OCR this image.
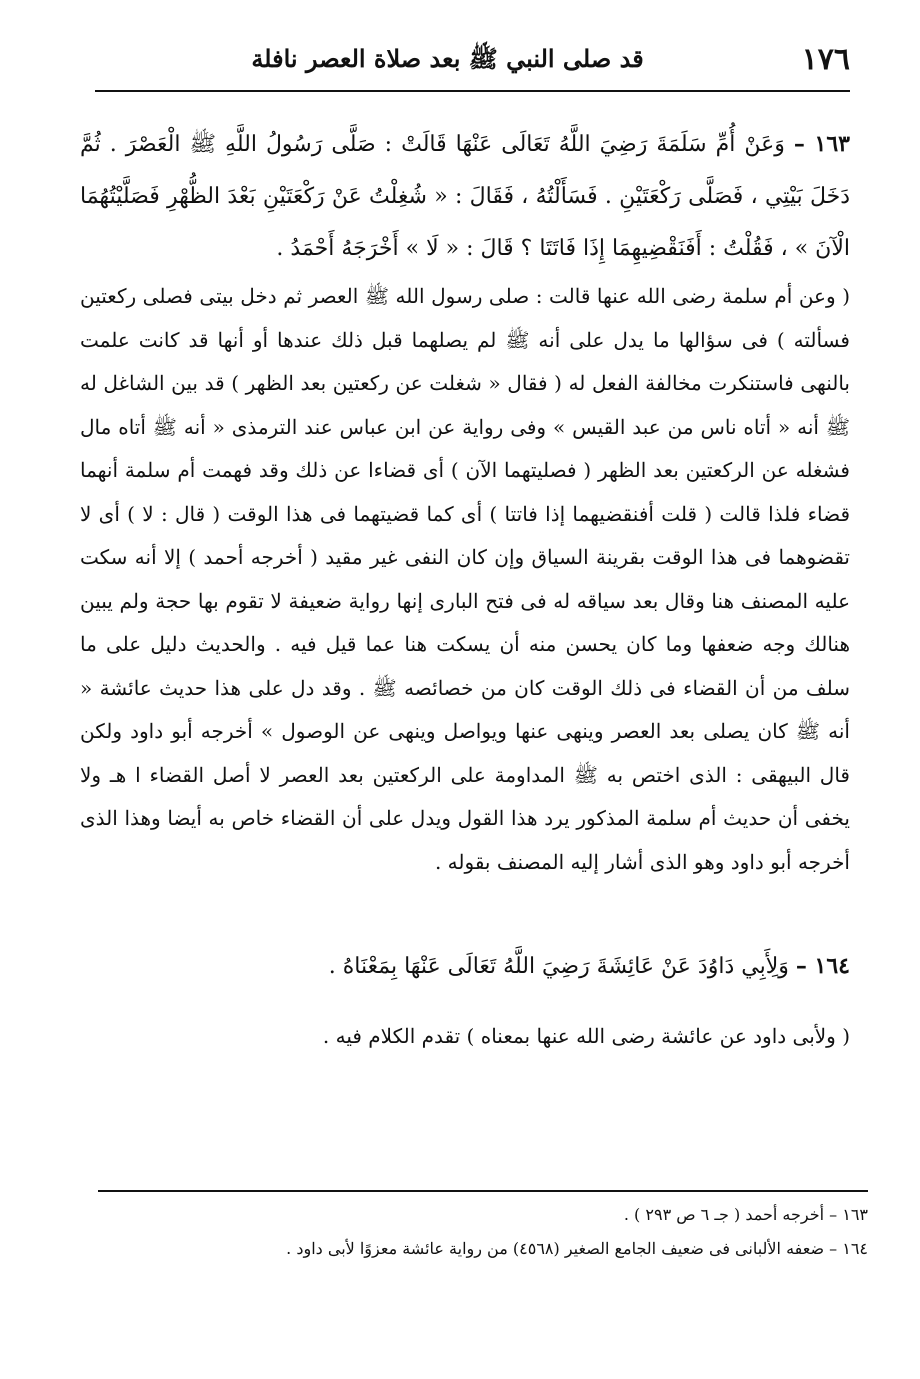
١٧٦
قد صلى النبي ﷺ بعد صلاة العصر نافلة
١٦٣ – وَعَنْ أُمِّ سَلَمَةَ رَضِيَ اللَّهُ تَعَالَى عَنْهَا قَالَتْ : صَلَّى رَسُولُ اللَّهِ ﷺ الْعَصْرَ . ثُمَّ دَخَلَ بَيْتِي ، فَصَلَّى رَكْعَتَيْنِ . فَسَأَلْتُهُ ، فَقَالَ : « شُغِلْتُ عَنْ رَكْعَتَيْنِ بَعْدَ الظُّهْرِ فَصَلَّيْتُهُمَا الْآنَ » ، فَقُلْتُ : أَفَنَقْضِيهِمَا إِذَا فَاتَتَا ؟ قَالَ : « لَا » أَخْرَجَهُ أَحْمَدُ .
( وعن أم سلمة رضى الله عنها قالت : صلى رسول الله ﷺ العصر ثم دخل بيتى فصلى ركعتين فسألته ) فى سؤالها ما يدل على أنه ﷺ لم يصلهما قبل ذلك عندها أو أنها قد كانت علمت بالنهى فاستنكرت مخالفة الفعل له ( فقال « شغلت عن ركعتين بعد الظهر ) قد بين الشاغل له ﷺ أنه « أتاه ناس من عبد القيس » وفى رواية عن ابن عباس عند الترمذى « أنه ﷺ أتاه مال فشغله عن الركعتين بعد الظهر ( فصليتهما الآن ) أى قضاءا عن ذلك وقد فهمت أم سلمة أنهما قضاء فلذا قالت ( قلت أفنقضيهما إذا فاتتا ) أى كما قضيتهما فى هذا الوقت ( قال : لا ) أى لا تقضوهما فى هذا الوقت بقرينة السياق وإن كان النفى غير مقيد ( أخرجه أحمد ) إلا أنه سكت عليه المصنف هنا وقال بعد سياقه له فى فتح البارى إنها رواية ضعيفة لا تقوم بها حجة ولم يبين هنالك وجه ضعفها وما كان يحسن منه أن يسكت هنا عما قيل فيه . والحديث دليل على ما سلف من أن القضاء فى ذلك الوقت كان من خصائصه ﷺ . وقد دل على هذا حديث عائشة « أنه ﷺ كان يصلى بعد العصر وينهى عنها ويواصل وينهى عن الوصول » أخرجه أبو داود ولكن قال البيهقى : الذى اختص به ﷺ المداومة على الركعتين بعد العصر لا أصل القضاء ا هـ ولا يخفى أن حديث أم سلمة المذكور يرد هذا القول ويدل على أن القضاء خاص به أيضا وهذا الذى أخرجه أبو داود وهو الذى أشار إليه المصنف بقوله .
١٦٤ – وَلِأَبِي دَاوُدَ عَنْ عَائِشَةَ رَضِيَ اللَّهُ تَعَالَى عَنْهَا بِمَعْنَاهُ .
( ولأبى داود عن عائشة رضى الله عنها بمعناه ) تقدم الكلام فيه .
١٦٣ – أخرجه أحمد ( جـ ٦ ص ٢٩٣ ) .
١٦٤ – ضعفه الألبانى فى ضعيف الجامع الصغير (٤٥٦٨) من رواية عائشة معزوًا لأبى داود .
